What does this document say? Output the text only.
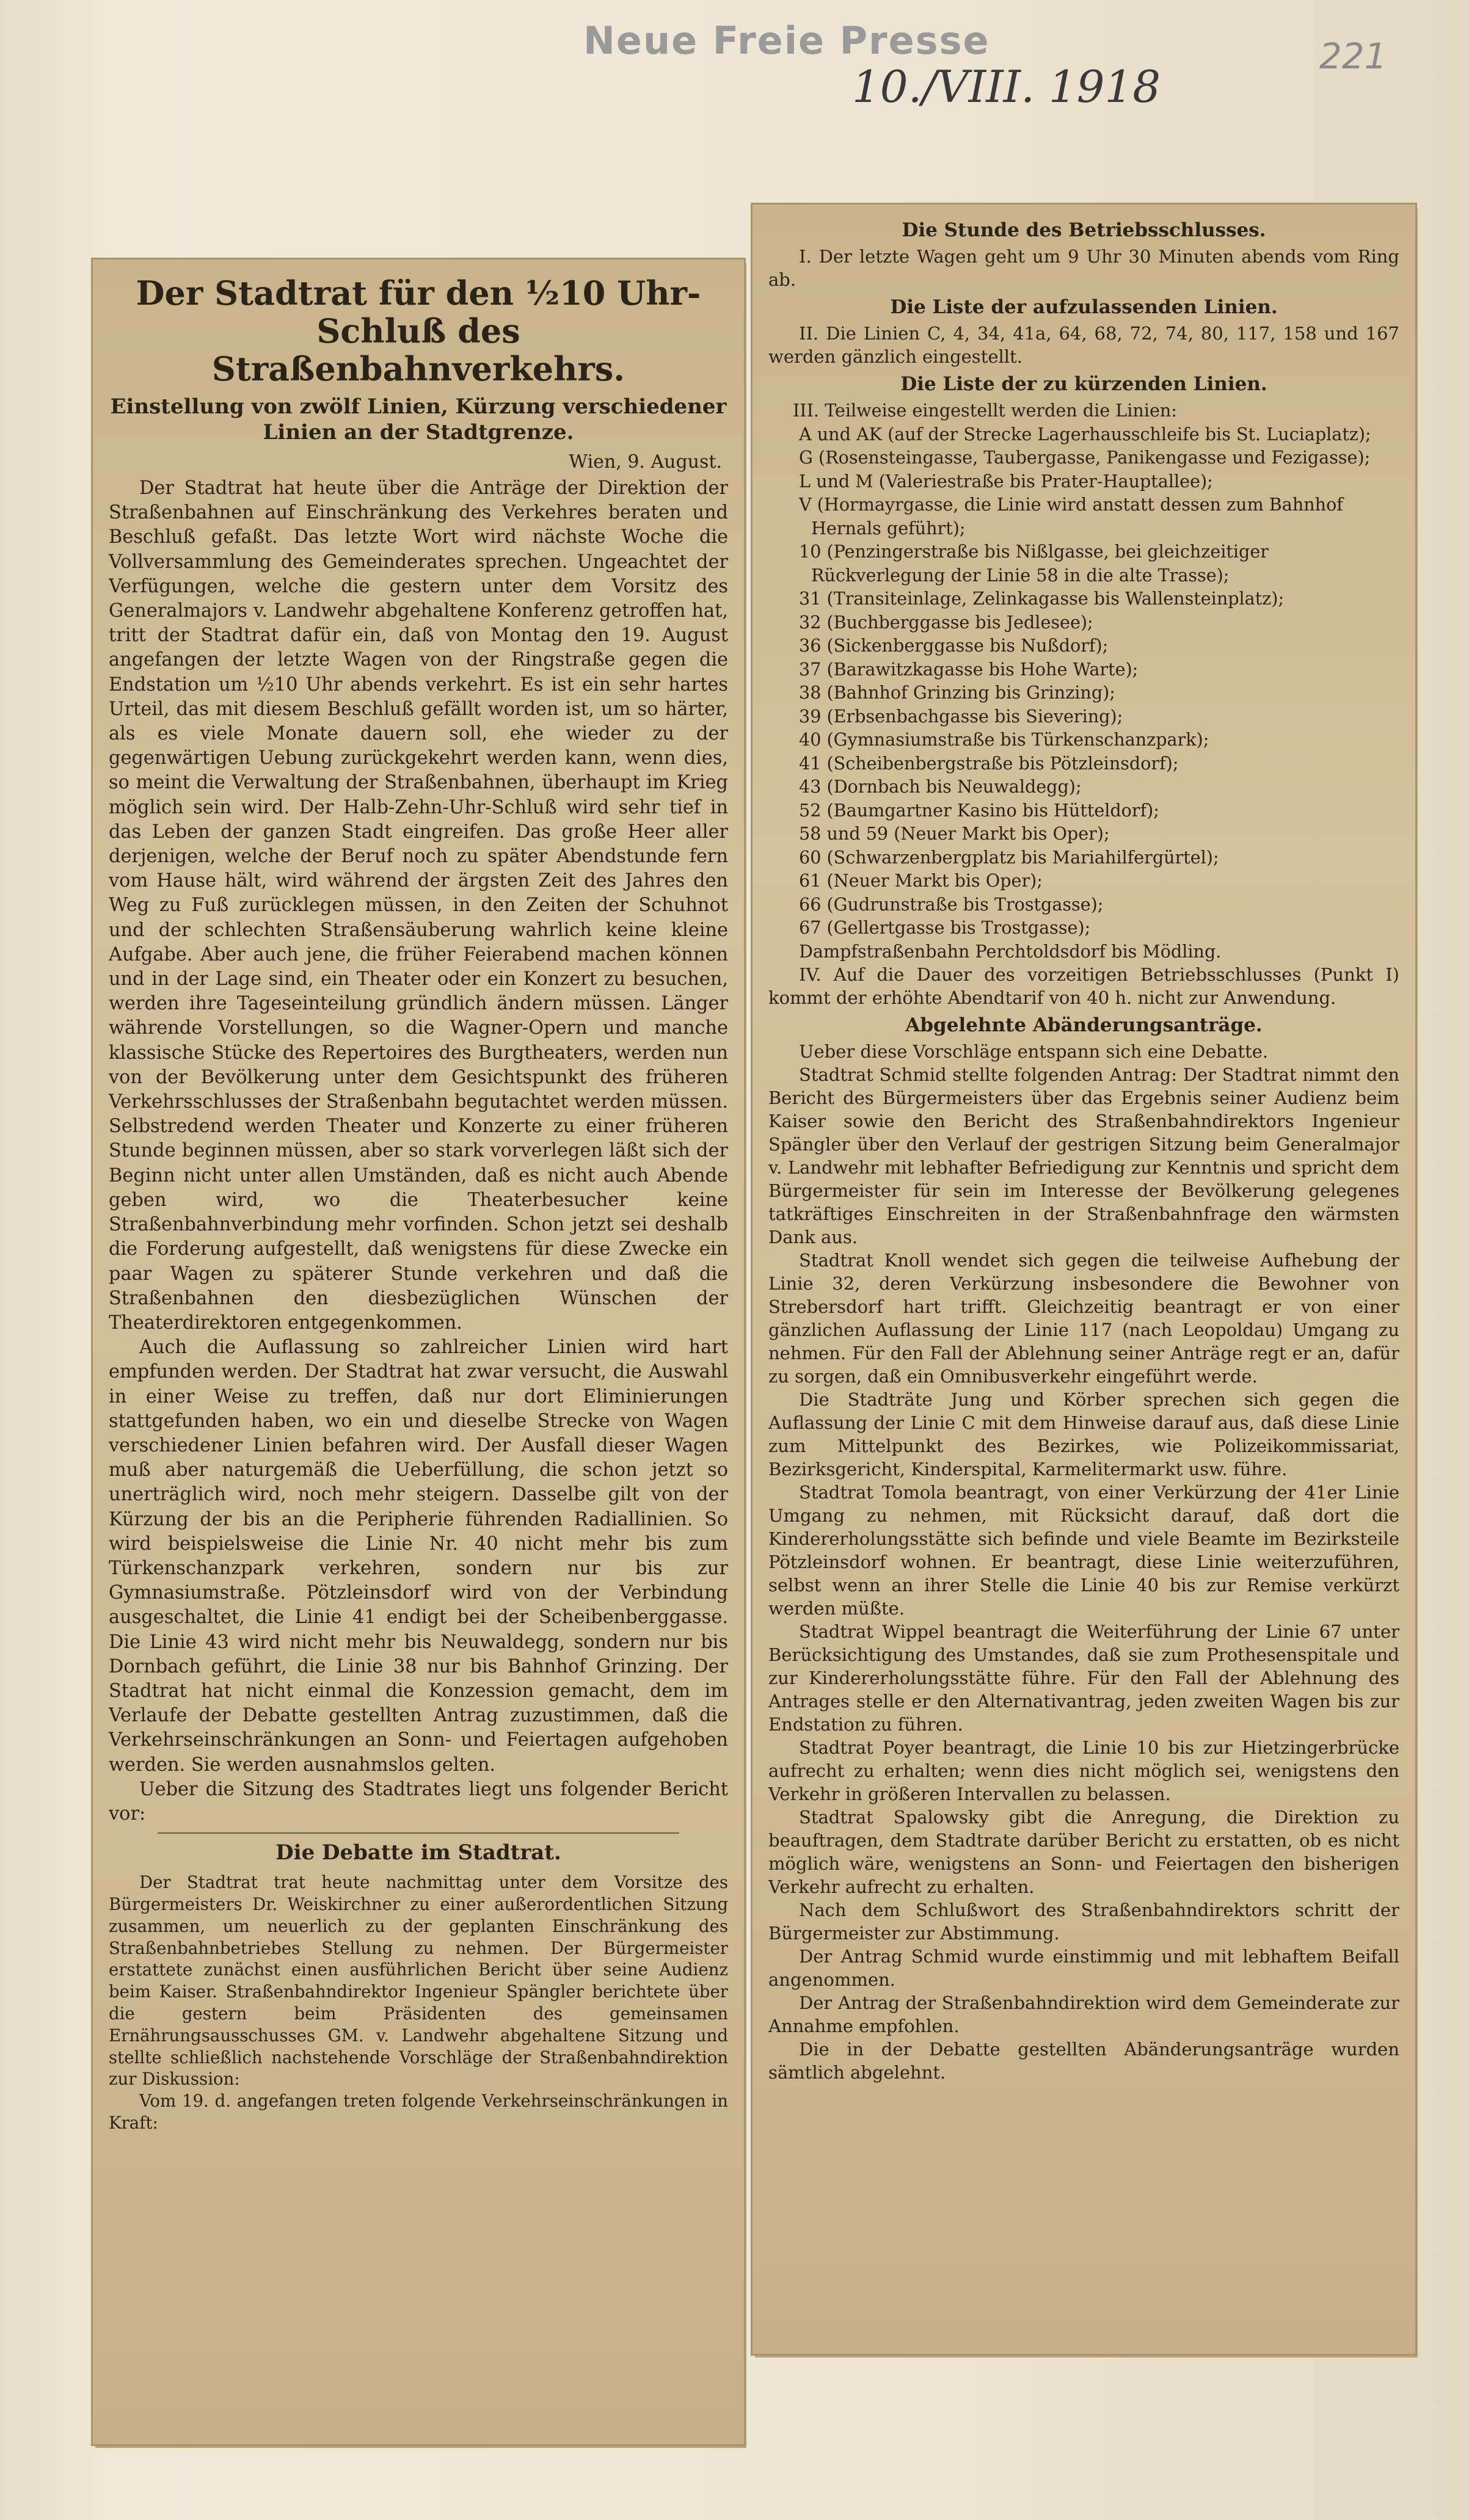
Neue Freie Presse
10./VIII. 1918
221
Der Stadtrat für den ½10 Uhr-Schluß des Straßenbahnverkehrs.
Einstellung von zwölf Linien, Kürzung verschiedener Linien an der Stadtgrenze.
Wien, 9. August.

Der Stadtrat hat heute über die Anträge der Direktion der Straßenbahnen auf Einschränkung des Verkehres beraten und Beschluß gefaßt. Das letzte Wort wird nächste Woche die Vollversammlung des Gemeinderates sprechen. Ungeachtet der Verfügungen, welche die gestern unter dem Vorsitz des Generalmajors v. Landwehr abgehaltene Konferenz getroffen hat, tritt der Stadtrat dafür ein, daß von Montag den 19. August angefangen der letzte Wagen von der Ringstraße gegen die Endstation um ½10 Uhr abends verkehrt. Es ist ein sehr hartes Urteil, das mit diesem Beschluß gefällt worden ist, um so härter, als es viele Monate dauern soll, ehe wieder zu der gegenwärtigen Uebung zurückgekehrt werden kann, wenn dies, so meint die Verwaltung der Straßenbahnen, überhaupt im Krieg möglich sein wird. Der Halb-Zehn-Uhr-Schluß wird sehr tief in das Leben der ganzen Stadt eingreifen. Das große Heer aller derjenigen, welche der Beruf noch zu später Abendstunde fern vom Hause hält, wird während der ärgsten Zeit des Jahres den Weg zu Fuß zurücklegen müssen, in den Zeiten der Schuhnot und der schlechten Straßensäuberung wahrlich keine kleine Aufgabe. Aber auch jene, die früher Feierabend machen können und in der Lage sind, ein Theater oder ein Konzert zu besuchen, werden ihre Tageseinteilung gründlich ändern müssen. Länger währende Vorstellungen, so die Wagner-Opern und manche klassische Stücke des Repertoires des Burgtheaters, werden nun von der Bevölkerung unter dem Gesichtspunkt des früheren Verkehrsschlusses der Straßenbahn begutachtet werden müssen. Selbstredend werden Theater und Konzerte zu einer früheren Stunde beginnen müssen, aber so stark vorverlegen läßt sich der Beginn nicht unter allen Umständen, daß es nicht auch Abende geben wird, wo die Theaterbesucher keine Straßenbahnverbindung mehr vorfinden. Schon jetzt sei deshalb die Forderung aufgestellt, daß wenigstens für diese Zwecke ein paar Wagen zu späterer Stunde verkehren und daß die Straßenbahnen den diesbezüglichen Wünschen der Theaterdirektoren entgegenkommen.

Auch die Auflassung so zahlreicher Linien wird hart empfunden werden. Der Stadtrat hat zwar versucht, die Auswahl in einer Weise zu treffen, daß nur dort Eliminierungen stattgefunden haben, wo ein und dieselbe Strecke von Wagen verschiedener Linien befahren wird. Der Ausfall dieser Wagen muß aber naturgemäß die Ueberfüllung, die schon jetzt so unerträglich wird, noch mehr steigern. Dasselbe gilt von der Kürzung der bis an die Peripherie führenden Radiallinien. So wird beispielsweise die Linie Nr. 40 nicht mehr bis zum Türkenschanzpark verkehren, sondern nur bis zur Gymnasiumstraße. Pötzleinsdorf wird von der Verbindung ausgeschaltet, die Linie 41 endigt bei der Scheibenberggasse. Die Linie 43 wird nicht mehr bis Neuwaldegg, sondern nur bis Dornbach geführt, die Linie 38 nur bis Bahnhof Grinzing. Der Stadtrat hat nicht einmal die Konzession gemacht, dem im Verlaufe der Debatte gestellten Antrag zuzustimmen, daß die Verkehrseinschränkungen an Sonn- und Feiertagen aufgehoben werden. Sie werden ausnahmslos gelten.

Ueber die Sitzung des Stadtrates liegt uns folgender Bericht vor:

Die Debatte im Stadtrat.

Der Stadtrat trat heute nachmittag unter dem Vorsitze des Bürgermeisters Dr. Weiskirchner zu einer außerordentlichen Sitzung zusammen, um neuerlich zu der geplanten Einschränkung des Straßenbahnbetriebes Stellung zu nehmen. Der Bürgermeister erstattete zunächst einen ausführlichen Bericht über seine Audienz beim Kaiser. Straßenbahndirektor Ingenieur Spängler berichtete über die gestern beim Präsidenten des gemeinsamen Ernährungsausschusses GM. v. Landwehr abgehaltene Sitzung und stellte schließlich nachstehende Vorschläge der Straßenbahndirektion zur Diskussion:

Vom 19. d. angefangen treten folgende Verkehrseinschränkungen in Kraft:

Die Stunde des Betriebsschlusses.

I. Der letzte Wagen geht um 9 Uhr 30 Minuten abends vom Ring ab.

Die Liste der aufzulassenden Linien.

II. Die Linien C, 4, 34, 41a, 64, 68, 72, 74, 80, 117, 158 und 167 werden gänzlich eingestellt.

Die Liste der zu kürzenden Linien.
III. Teilweise eingestellt werden die Linien:
A und AK (auf der Strecke Lagerhausschleife bis St. Luciaplatz);
G (Rosensteingasse, Taubergasse, Panikengasse und Fezigasse);
L und M (Valeriestraße bis Prater-Hauptallee);
V (Hormayrgasse, die Linie wird anstatt dessen zum Bahnhof Hernals geführt);
10 (Penzingerstraße bis Nißlgasse, bei gleichzeitiger Rückverlegung der Linie 58 in die alte Trasse);
31 (Transiteinlage, Zelinkagasse bis Wallensteinplatz);
32 (Buchberggasse bis Jedlesee);
36 (Sickenberggasse bis Nußdorf);
37 (Barawitzkagasse bis Hohe Warte);
38 (Bahnhof Grinzing bis Grinzing);
39 (Erbsenbachgasse bis Sievering);
40 (Gymnasiumstraße bis Türkenschanzpark);
41 (Scheibenbergstraße bis Pötzleinsdorf);
43 (Dornbach bis Neuwaldegg);
52 (Baumgartner Kasino bis Hütteldorf);
58 und 59 (Neuer Markt bis Oper);
60 (Schwarzenbergplatz bis Mariahilfergürtel);
61 (Neuer Markt bis Oper);
66 (Gudrunstraße bis Trostgasse);
67 (Gellertgasse bis Trostgasse);
Dampfstraßenbahn Perchtoldsdorf bis Mödling.

IV. Auf die Dauer des vorzeitigen Betriebsschlusses (Punkt I) kommt der erhöhte Abendtarif von 40 h. nicht zur Anwendung.

Abgelehnte Abänderungsanträge.

Ueber diese Vorschläge entspann sich eine Debatte.

Stadtrat Schmid stellte folgenden Antrag: Der Stadtrat nimmt den Bericht des Bürgermeisters über das Ergebnis seiner Audienz beim Kaiser sowie den Bericht des Straßenbahndirektors Ingenieur Spängler über den Verlauf der gestrigen Sitzung beim Generalmajor v. Landwehr mit lebhafter Befriedigung zur Kenntnis und spricht dem Bürgermeister für sein im Interesse der Bevölkerung gelegenes tatkräftiges Einschreiten in der Straßenbahnfrage den wärmsten Dank aus.

Stadtrat Knoll wendet sich gegen die teilweise Aufhebung der Linie 32, deren Verkürzung insbesondere die Bewohner von Strebersdorf hart trifft. Gleichzeitig beantragt er von einer gänzlichen Auflassung der Linie 117 (nach Leopoldau) Umgang zu nehmen. Für den Fall der Ablehnung seiner Anträge regt er an, dafür zu sorgen, daß ein Omnibusverkehr eingeführt werde.

Die Stadträte Jung und Körber sprechen sich gegen die Auflassung der Linie C mit dem Hinweise darauf aus, daß diese Linie zum Mittelpunkt des Bezirkes, wie Polizeikommissariat, Bezirksgericht, Kinderspital, Karmelitermarkt usw. führe.

Stadtrat Tomola beantragt, von einer Verkürzung der 41er Linie Umgang zu nehmen, mit Rücksicht darauf, daß dort die Kindererholungsstätte sich befinde und viele Beamte im Bezirksteile Pötzleinsdorf wohnen. Er beantragt, diese Linie weiterzuführen, selbst wenn an ihrer Stelle die Linie 40 bis zur Remise verkürzt werden müßte.

Stadtrat Wippel beantragt die Weiterführung der Linie 67 unter Berücksichtigung des Umstandes, daß sie zum Prothesenspitale und zur Kindererholungsstätte führe. Für den Fall der Ablehnung des Antrages stelle er den Alternativantrag, jeden zweiten Wagen bis zur Endstation zu führen.

Stadtrat Poyer beantragt, die Linie 10 bis zur Hietzingerbrücke aufrecht zu erhalten; wenn dies nicht möglich sei, wenigstens den Verkehr in größeren Intervallen zu belassen.

Stadtrat Spalowsky gibt die Anregung, die Direktion zu beauftragen, dem Stadtrate darüber Bericht zu erstatten, ob es nicht möglich wäre, wenigstens an Sonn- und Feiertagen den bisherigen Verkehr aufrecht zu erhalten.

Nach dem Schlußwort des Straßenbahndirektors schritt der Bürgermeister zur Abstimmung.

Der Antrag Schmid wurde einstimmig und mit lebhaftem Beifall angenommen.

Der Antrag der Straßenbahndirektion wird dem Gemeinderate zur Annahme empfohlen.

Die in der Debatte gestellten Abänderungsanträge wurden sämtlich abgelehnt.
